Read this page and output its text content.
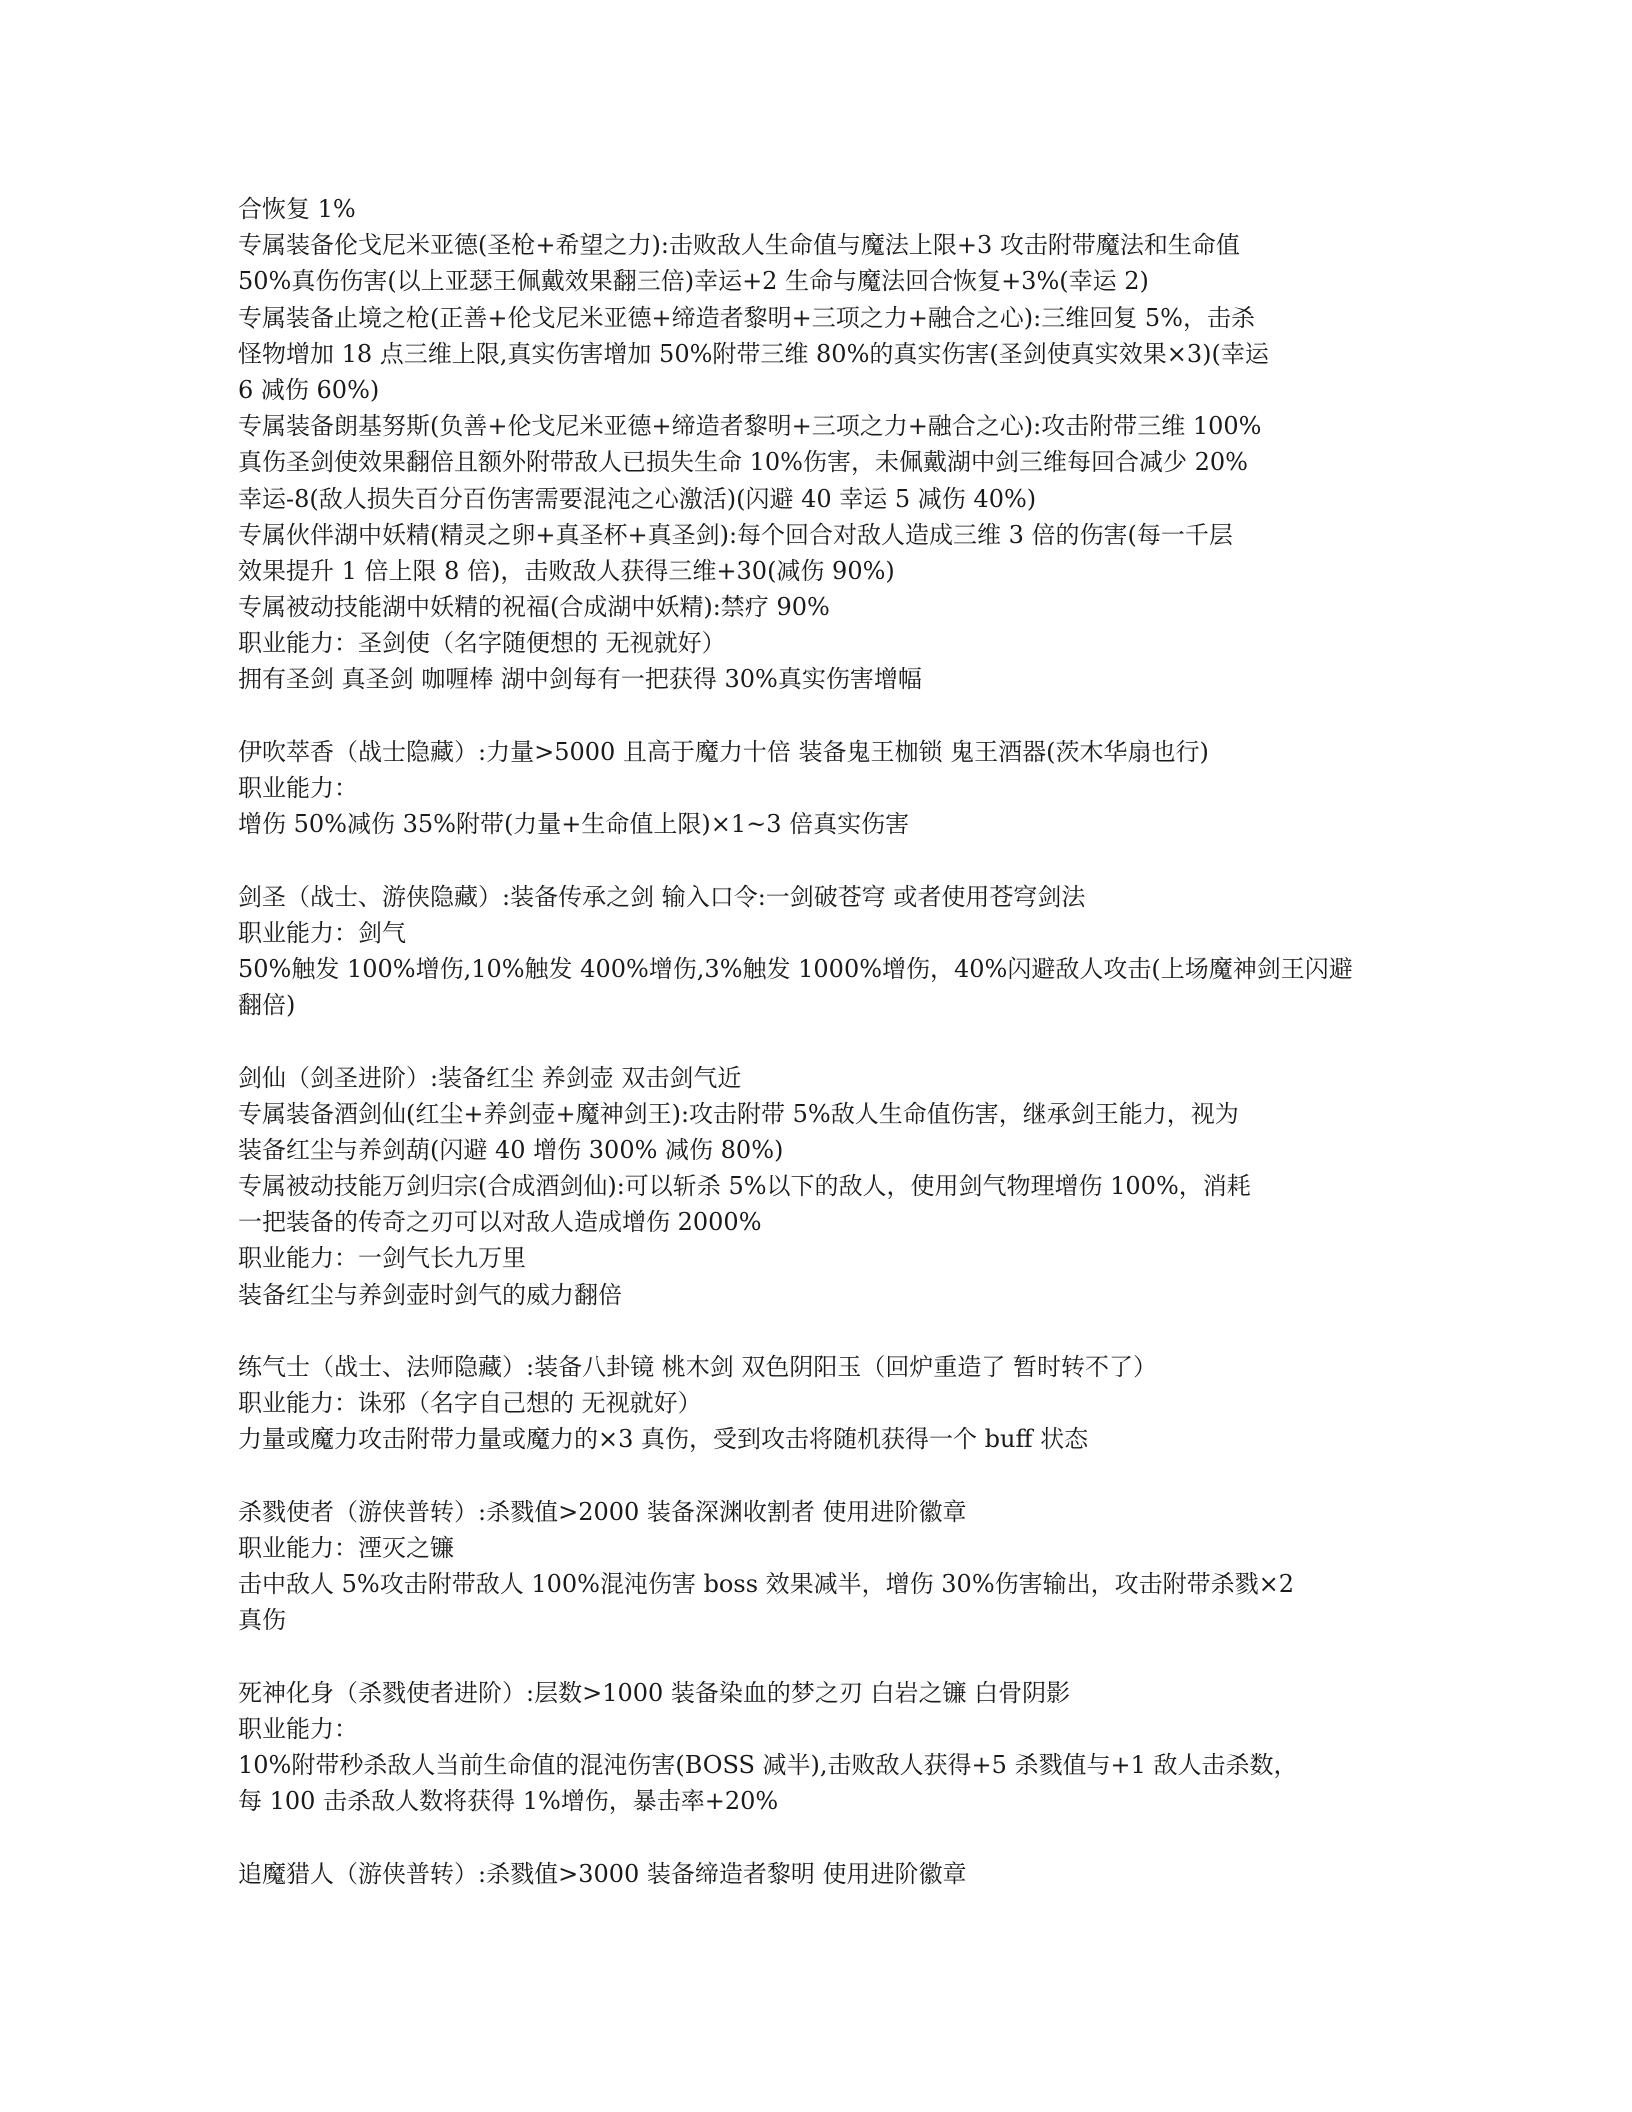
合恢复 1%
专属装备伦戈尼米亚德(圣枪+希望之力):击败敌人生命值与魔法上限+3 攻击附带魔法和生命值
50%真伤伤害(以上亚瑟王佩戴效果翻三倍)幸运+2 生命与魔法回合恢复+3%(幸运 2)
专属装备止境之枪(正善+伦戈尼米亚德+缔造者黎明+三项之力+融合之心):三维回复 5%，击杀
怪物增加 18 点三维上限,真实伤害增加 50%附带三维 80%的真实伤害(圣剑使真实效果×3)(幸运
6 减伤 60%)
专属装备朗基努斯(负善+伦戈尼米亚德+缔造者黎明+三项之力+融合之心):攻击附带三维 100%
真伤圣剑使效果翻倍且额外附带敌人已损失生命 10%伤害，未佩戴湖中剑三维每回合减少 20%
幸运-8(敌人损失百分百伤害需要混沌之心激活)(闪避 40 幸运 5 减伤 40%)
专属伙伴湖中妖精(精灵之卵+真圣杯+真圣剑):每个回合对敌人造成三维 3 倍的伤害(每一千层
效果提升 1 倍上限 8 倍)，击败敌人获得三维+30(减伤 90%)
专属被动技能湖中妖精的祝福(合成湖中妖精):禁疗 90%
职业能力：圣剑使（名字随便想的 无视就好）
拥有圣剑 真圣剑 咖喱棒 湖中剑每有一把获得 30%真实伤害增幅
伊吹萃香（战士隐藏）:力量>5000 且高于魔力十倍 装备鬼王枷锁 鬼王酒器(茨木华扇也行)
职业能力：
增伤 50%减伤 35%附带(力量+生命值上限)×1~3 倍真实伤害
剑圣（战士、游侠隐藏）:装备传承之剑 输入口令:一剑破苍穹 或者使用苍穹剑法
职业能力：剑气
50%触发 100%增伤,10%触发 400%增伤,3%触发 1000%增伤，40%闪避敌人攻击(上场魔神剑王闪避
翻倍)
剑仙（剑圣进阶）:装备红尘 养剑壶 双击剑气近
专属装备酒剑仙(红尘+养剑壶+魔神剑王):攻击附带 5%敌人生命值伤害，继承剑王能力，视为
装备红尘与养剑葫(闪避 40 增伤 300% 减伤 80%)
专属被动技能万剑归宗(合成酒剑仙):可以斩杀 5%以下的敌人，使用剑气物理增伤 100%，消耗
一把装备的传奇之刃可以对敌人造成增伤 2000%
职业能力：一剑气长九万里
装备红尘与养剑壶时剑气的威力翻倍
练气士（战士、法师隐藏）:装备八卦镜 桃木剑 双色阴阳玉（回炉重造了 暂时转不了）
职业能力：诛邪（名字自己想的 无视就好）
力量或魔力攻击附带力量或魔力的×3 真伤，受到攻击将随机获得一个 buff 状态
杀戮使者（游侠普转）:杀戮值>2000 装备深渊收割者 使用进阶徽章
职业能力：湮灭之镰
击中敌人 5%攻击附带敌人 100%混沌伤害 boss 效果减半，增伤 30%伤害输出，攻击附带杀戮×2
真伤
死神化身（杀戮使者进阶）:层数>1000 装备染血的梦之刃 白岩之镰 白骨阴影
职业能力：
10%附带秒杀敌人当前生命值的混沌伤害(BOSS 减半),击败敌人获得+5 杀戮值与+1 敌人击杀数，
每 100 击杀敌人数将获得 1%增伤，暴击率+20%
追魔猎人（游侠普转）:杀戮值>3000 装备缔造者黎明 使用进阶徽章
